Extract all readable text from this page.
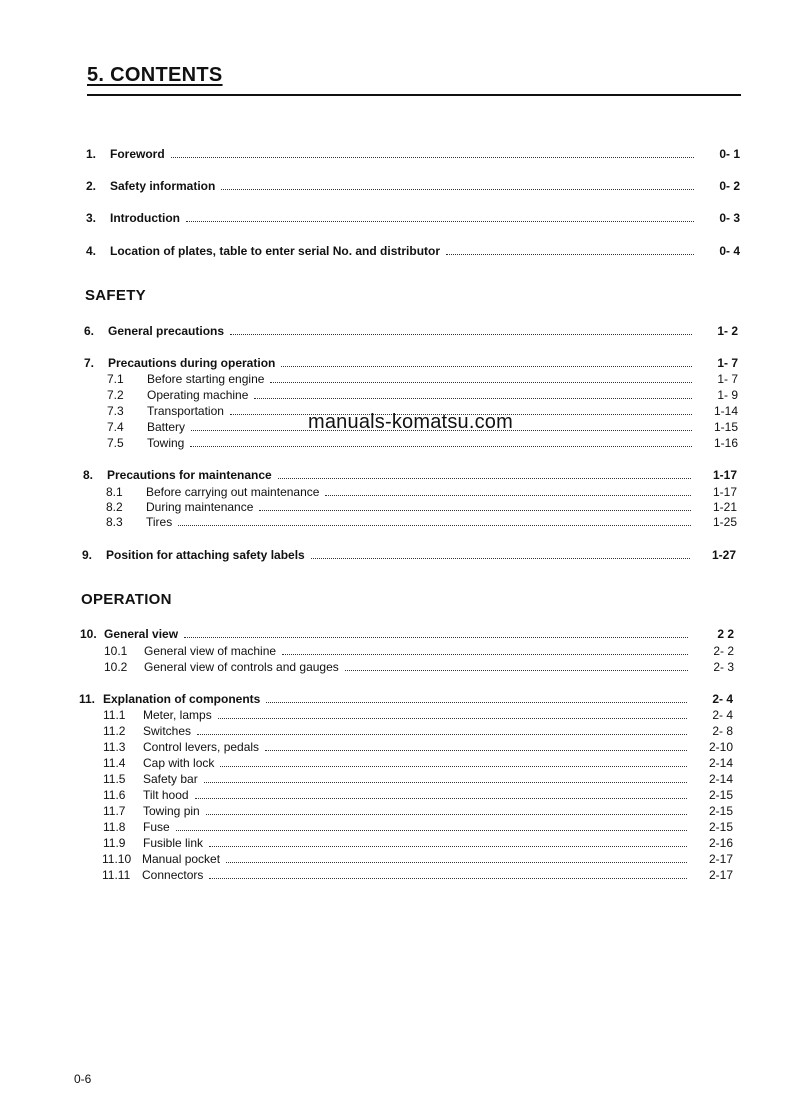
5. CONTENTS
1.	Foreword	0- 1
2.	Safety information	0- 2
3.	Introduction	0- 3
4.	Location of plates, table to enter serial No. and distributor	0- 4
SAFETY
6.	General precautions	1- 2
7.	Precautions during operation	1- 7
7.1	Before starting engine	1- 7
7.2	Operating machine	1- 9
7.3	Transportation	1-14
7.4	Battery	1-15
7.5	Towing	1-16
manuals-komatsu.com
8.	Precautions for maintenance	1-17
8.1	Before carrying out maintenance	1-17
8.2	During maintenance	1-21
8.3	Tires	1-25
9.	Position for attaching safety labels	1-27
OPERATION
10. General view	2 2
10.1	General view of machine	2- 2
10.2	General view of controls and gauges	2- 3
11. Explanation of components	2- 4
11.1	Meter, lamps	2- 4
11.2	Switches	2- 8
11.3	Control levers, pedals	2-10
11.4	Cap with lock	2-14
11.5	Safety bar	2-14
11.6	Tilt hood	2-15
11.7	Towing pin	2-15
11.8	Fuse	2-15
11.9	Fusible link	2-16
11.10 Manual pocket	2-17
11.11 Connectors	2-17
0-6
